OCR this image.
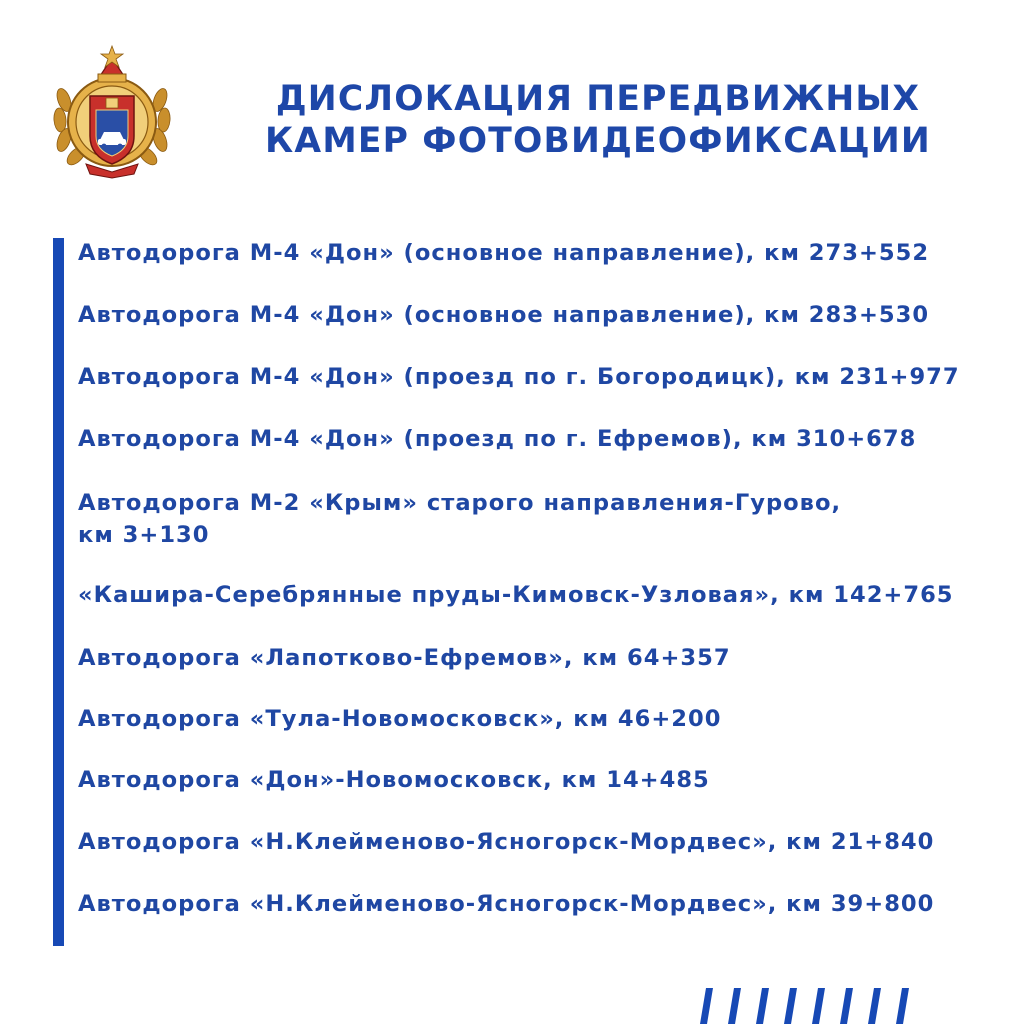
ДИСЛОКАЦИЯ ПЕРЕДВИЖНЫХ
КАМЕР ФОТОВИДЕОФИКСАЦИИ
Автодорога М-4 «Дон» (основное направление), км 273+552
Автодорога М-4 «Дон» (основное направление), км 283+530
Автодорога М-4 «Дон» (проезд по г. Богородицк), км 231+977
Автодорога М-4 «Дон» (проезд по г. Ефремов), км 310+678
Автодорога М-2 «Крым» старого направления-Гурово,
км 3+130
«Кашира-Серебрянные пруды-Кимовск-Узловая», км 142+765
Автодорога «Лапотково-Ефремов», км 64+357
Автодорога «Тула-Новомосковск», км 46+200
Автодорога «Дон»-Новомосковск, км 14+485
Автодорога «Н.Клейменово-Ясногорск-Мордвес», км 21+840
Автодорога «Н.Клейменово-Ясногорск-Мордвес», км 39+800
